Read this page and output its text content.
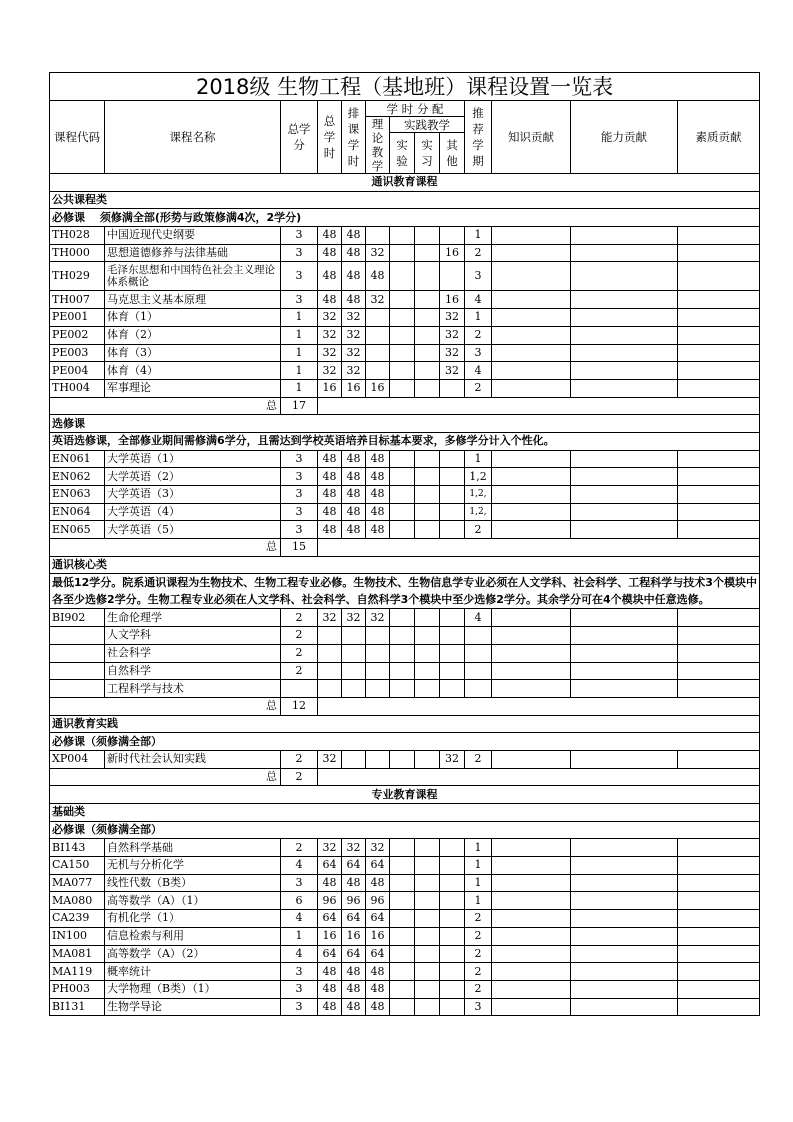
2018级 生物工程（基地班）课程设置一览表												
课程代码	课程名称	总学分	总学时	排课学时	学 时 分 配				推荐学期	知识贡献	能力贡献	素质贡献
					理论教学	实践教学						
						实验	实习	其他				

通识教育课程												
公共课程类												
必修课　 须修满全部(形势与政策修满4次，2学分)												
TH028	中国近现代史纲要	3	48	48					1			
TH000	思想道德修养与法律基础	3	48	48	32			16	2			
TH029	毛泽东思想和中国特色社会主义理论体系概论	3	48	48	48				3			
TH007	马克思主义基本原理	3	48	48	32			16	4			
PE001	体育（1）	1	32	32				32	1			
PE002	体育（2）	1	32	32				32	2			
PE003	体育（3）	1	32	32				32	3			
PE004	体育（4）	1	32	32				32	4			
TH004	军事理论	1	16	16	16				2			
总		17										
选修课												
英语选修课，全部修业期间需修满6学分，且需达到学校英语培养目标基本要求，多修学分计入个性化。												
EN061	大学英语（1）	3	48	48	48				1			
EN062	大学英语（2）	3	48	48	48				1,2			
EN063	大学英语（3）	3	48	48	48				1,2,			
EN064	大学英语（4）	3	48	48	48				1,2,			
EN065	大学英语（5）	3	48	48	48				2			
总		15										
通识核心类												
最低12学分。院系通识课程为生物技术、生物工程专业必修。生物技术、生物信息学专业必须在人文学科、社会科学、工程科学与技术3个模块中各至少选修2学分。生物工程专业必须在人文学科、社会科学、自然科学3个模块中至少选修2学分。其余学分可在4个模块中任意选修。												
BI902	生命伦理学	2	32	32	32				4			
	人文学科	2										
	社会科学	2										
	自然科学	2										
	工程科学与技术											
总		12										
通识教育实践												
必修课（须修满全部）												
XP004	新时代社会认知实践	2	32					32	2			
总		2										
专业教育课程												
基础类												
必修课（须修满全部）												
BI143	自然科学基础	2	32	32	32				1			
CA150	无机与分析化学	4	64	64	64				1			
MA077	线性代数（B类）	3	48	48	48				1			
MA080	高等数学（A）（1）	6	96	96	96				1			
CA239	有机化学（1）	4	64	64	64				2			
IN100	信息检索与利用	1	16	16	16				2			
MA081	高等数学（A）（2）	4	64	64	64				2			
MA119	概率统计	3	48	48	48				2			
PH003	大学物理（B类）（1）	3	48	48	48				2			
BI131	生物学导论	3	48	48	48				3			
